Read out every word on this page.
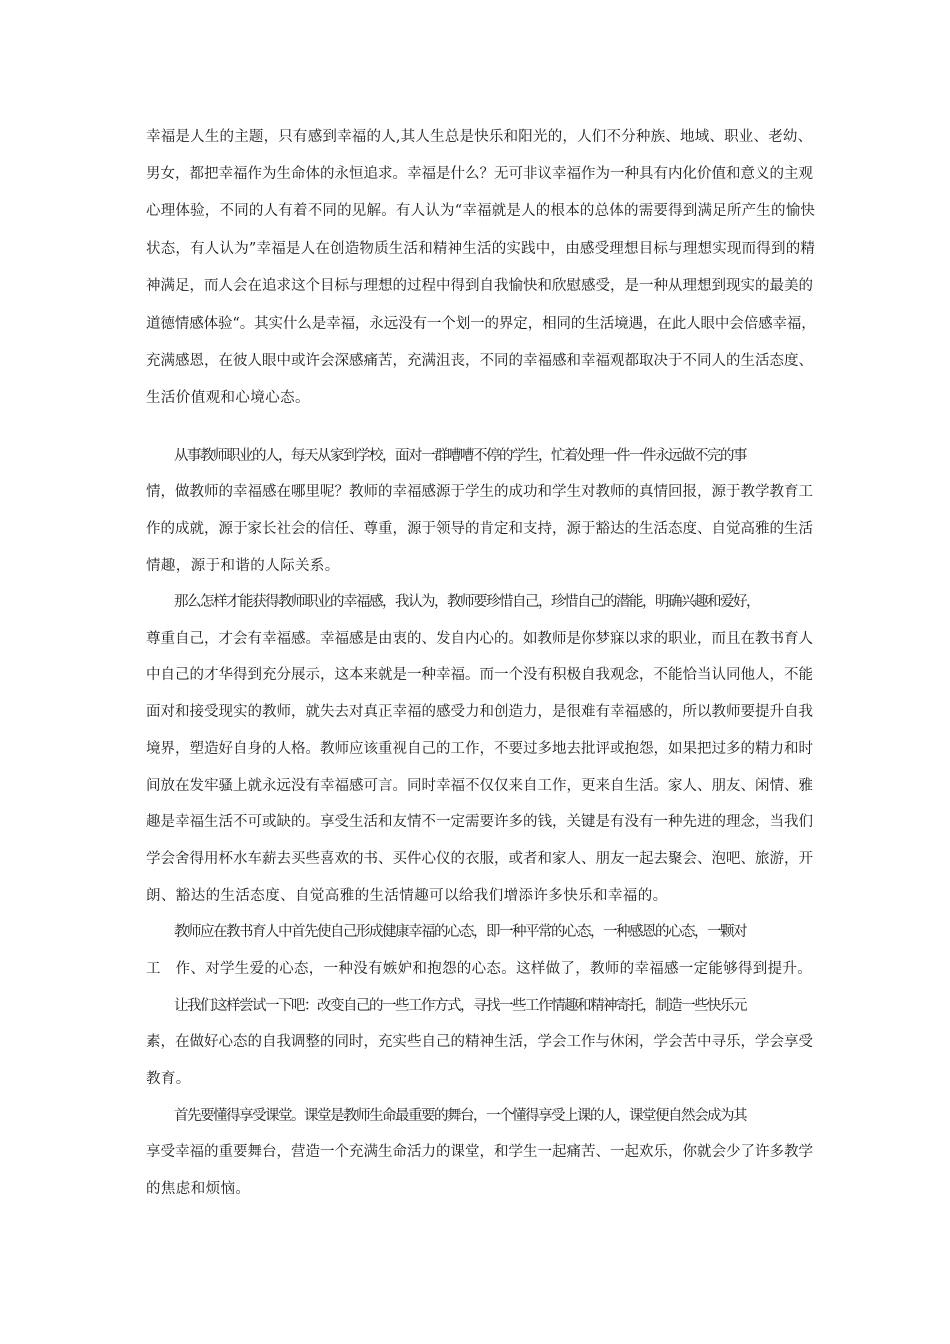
幸福是人生的主题，只有感到幸福的人,其人生总是快乐和阳光的，人们不分种族、地域、职业、老幼、
男女，都把幸福作为生命体的永恒追求。幸福是什么？无可非议幸福作为一种具有内化价值和意义的主观
心理体验，不同的人有着不同的见解。有人认为“幸福就是人的根本的总体的需要得到满足所产生的愉快
状态，有人认为”幸福是人在创造物质生活和精神生活的实践中，由感受理想目标与理想实现而得到的精
神满足，而人会在追求这个目标与理想的过程中得到自我愉快和欣慰感受，是一种从理想到现实的最美的
道德情感体验“。其实什么是幸福，永远没有一个划一的界定，相同的生活境遇，在此人眼中会倍感幸福，
充满感恩，在彼人眼中或许会深感痛苦，充满沮丧，不同的幸福感和幸福观都取决于不同人的生活态度、
生活价值观和心境心态。
从事教师职业的人，每天从家到学校，面对一群嘈嘈不停的学生，忙着处理一件一件永远做不完的事
情，做教师的幸福感在哪里呢？教师的幸福感源于学生的成功和学生对教师的真情回报，源于教学教育工
作的成就，源于家长社会的信任、尊重，源于领导的肯定和支持，源于豁达的生活态度、自觉高雅的生活
情趣，源于和谐的人际关系。
那么怎样才能获得教师职业的幸福感，我认为，教师要珍惜自己，珍惜自己的潜能，明确兴趣和爱好，
尊重自己，才会有幸福感。幸福感是由衷的、发自内心的。如教师是你梦寐以求的职业，而且在教书育人
中自己的才华得到充分展示，这本来就是一种幸福。而一个没有积极自我观念，不能恰当认同他人，不能
面对和接受现实的教师，就失去对真正幸福的感受力和创造力，是很难有幸福感的，所以教师要提升自我
境界，塑造好自身的人格。教师应该重视自己的工作，不要过多地去批评或抱怨，如果把过多的精力和时
间放在发牢骚上就永远没有幸福感可言。同时幸福不仅仅来自工作，更来自生活。家人、朋友、闲情、雅
趣是幸福生活不可或缺的。享受生活和友情不一定需要许多的钱，关键是有没有一种先进的理念，当我们
学会舍得用杯水车薪去买些喜欢的书、买件心仪的衣服，或者和家人、朋友一起去聚会、泡吧、旅游，开
朗、豁达的生活态度、自觉高雅的生活情趣可以给我们增添许多快乐和幸福的。
教师应在教书育人中首先使自己形成健康幸福的心态，即一种平常的心态，一种感恩的心态，一颗对
工　作、对学生爱的心态，一种没有嫉妒和抱怨的心态。这样做了，教师的幸福感一定能够得到提升。
让我们这样尝试一下吧：改变自己的一些工作方式，寻找一些工作情趣和精神寄托，制造一些快乐元
素，在做好心态的自我调整的同时，充实些自己的精神生活，学会工作与休闲，学会苦中寻乐，学会享受
教育。
首先要懂得享受课堂。课堂是教师生命最重要的舞台，一个懂得享受上课的人，课堂便自然会成为其
享受幸福的重要舞台，营造一个充满生命活力的课堂，和学生一起痛苦、一起欢乐，你就会少了许多教学
的焦虑和烦恼。
